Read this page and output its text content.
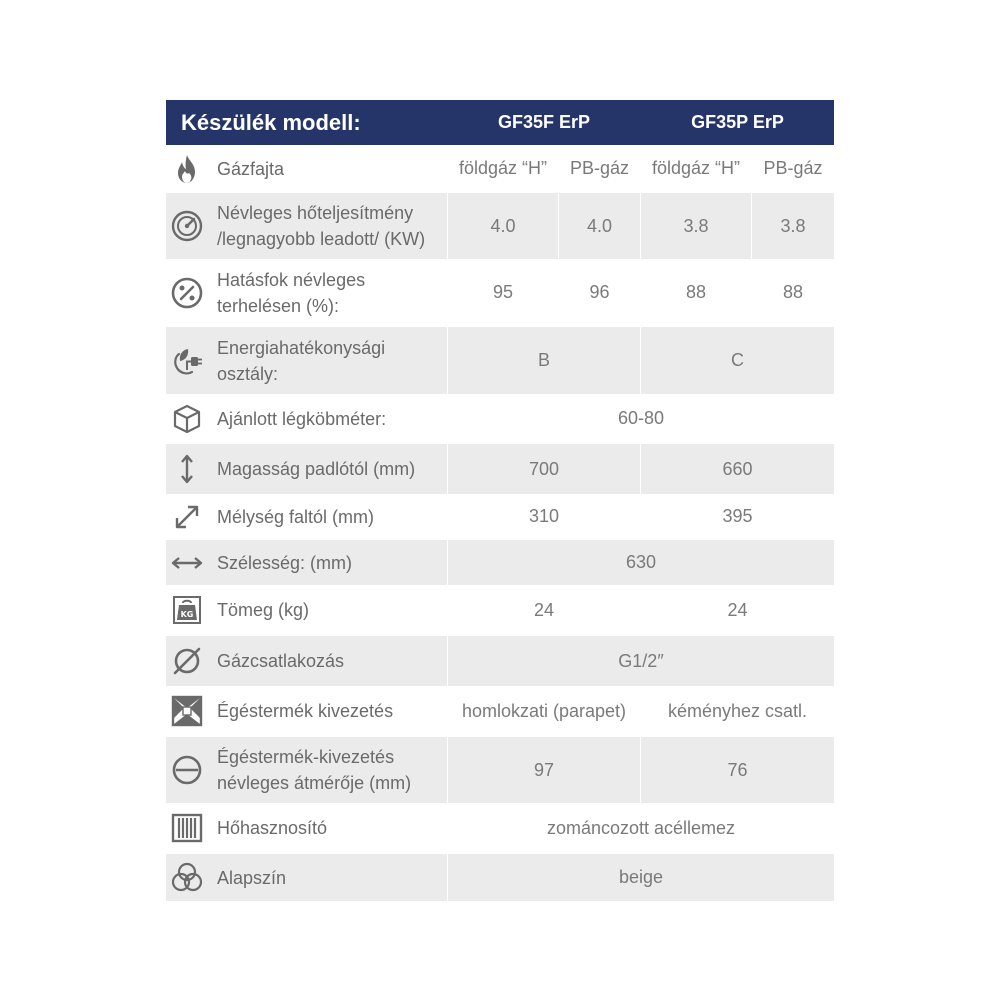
Készülék modell:	GF35F ErP	GF35P ErP
Gázfajta	földgáz “H”	PB-gáz	földgáz “H”	PB-gáz
Névleges hőteljesítmény
/legnagyobb leadott/ (KW)
4.0	4.0	3.8	3.8
Hatásfok névleges
terhelésen (%):
95	96	88	88
Energiahatékonysági
osztály:
B	C
Ajánlott légköbméter:	60-80
Magasság padlótól (mm)	700	660
Mélység faltól (mm)	310	395
Szélesség: (mm)	630
KG Tömeg (kg)	24	24
Gázcsatlakozás	G1/2″
Égéstermék kivezetés	homlokzati (parapet)	kéményhez csatl.
Égéstermék-kivezetés
névleges átmérője (mm)
97	76
Hőhasznosító	zománcozott acéllemez
Alapszín	beige
